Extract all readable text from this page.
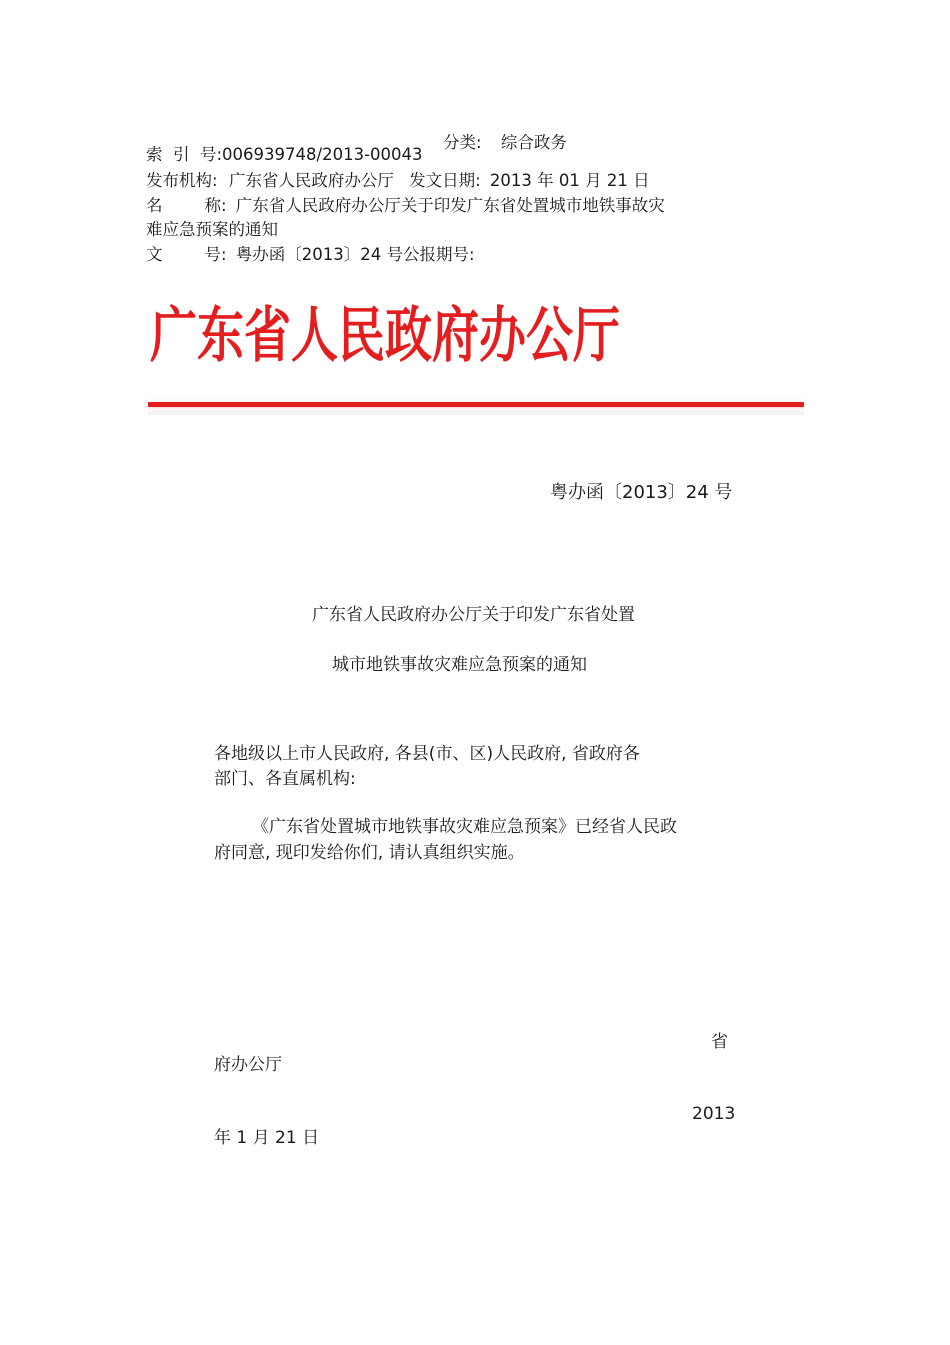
分类: 综合政务
索  引  号:006939748/2013-00043
发布机构: 广东省人民政府办公厅 发文日期: 2013 年 01 月 21 日
名        称: 广东省人民政府办公厅关于印发广东省处置城市地铁事故灾
难应急预案的通知
文        号: 粤办函〔2013〕24 号公报期号:
广东省人民政府办公厅
粤办函〔2013〕24 号
广东省人民政府办公厅关于印发广东省处置
城市地铁事故灾难应急预案的通知
各地级以上市人民政府, 各县(市、区)人民政府, 省政府各
部门、各直属机构:
《广东省处置城市地铁事故灾难应急预案》已经省人民政
府同意, 现印发给你们, 请认真组织实施。
省
府办公厅
2013
年 1 月 21 日
